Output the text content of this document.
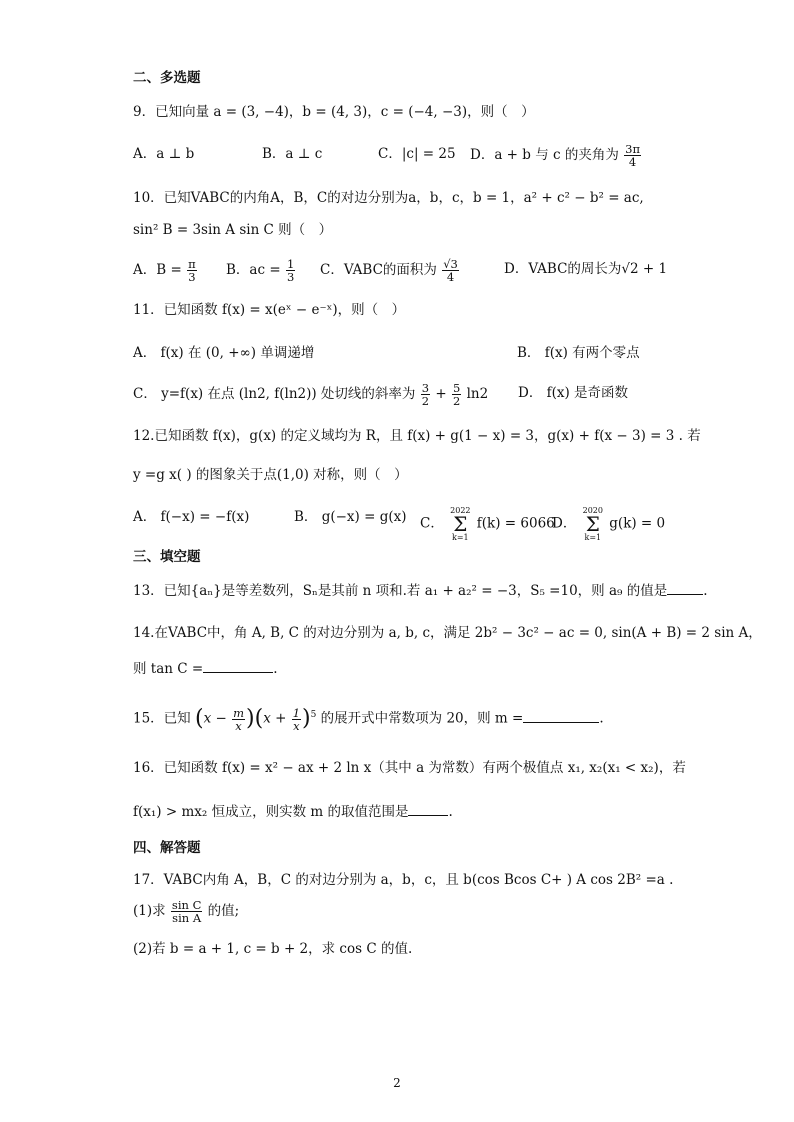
二、多选题
9．已知向量 a = (3, −4)，b = (4, 3)，c = (−4, −3)，则（　）
A．a ⊥ b	B．a ⊥ c	C．|c| = 25 D．a + b 与 c 的夹角为 $\frac{3\pi}{4}$
10．已知VABC的内角A，B，C的对边分别为a，b，c，b = 1，a² + c² − b² = ac,
sin² B = 3sin A sin C 则（　）
A．$B = \frac{\pi}{3}$ B．ac = $\frac{1}{3}$ C．VABC的面积为 $\frac{√3}{4}$	D．VABC的周长为√2 + 1
11．已知函数 f(x) = x(eˣ − e⁻ˣ)，则（　）
A． f(x) 在 (0, +∞) 单调递增	B． f(x) 有两个零点
C． y=f(x) 在点 (ln2, f(ln2)) 处切线的斜率为 $\frac{3}{2} + \frac{5}{2} \ln 2$ D． f(x) 是奇函数
12.已知函数 f(x)，g(x) 的定义域均为 R，且 f(x) + g(1 − x) = 3，g(x) + f(x − 3) = 3 . 若
y =g x( ) 的图象关于点(1,0) 对称，则（　）
A． f(−x) = −f(x)	B． g(−x) = g(x) C． 2022
Σ
k=1 f(k) = 6066
D． 2020
Σ
k=1 g(k) = 0
三、填空题
13．已知{aₙ}是等差数列，Sₙ是其前 n 项和.若 a₁ + a₂² = −3，S₅ =10，则 a₉ 的值是	.
14.在VABC中，角 A, B, C 的对边分别为 a, b, c，满足 2b² − 3c² − ac = 0, sin(A + B) = 2 sin A，
则 tan C =	.
15．已知 $(x - \frac{m}{x} )(x + \frac{1}{x} )^5$ 的展开式中常数项为 20，则 m =	.
16．已知函数 f(x) = x² − ax + 2 ln x（其中 a 为常数）有两个极值点 x₁, x₂(x₁ < x₂)，若
f(x₁) > mx₂ 恒成立，则实数 m 的取值范围是	.
四、解答题
17．VABC内角 A，B，C 的对边分别为 a，b，c，且 b(cos Bcos C+ ) A cos 2B² =a .
(1)求 $\frac{\text{sin C}}{\text{sin A}}$ 的值;
(2)若 b = a + 1, c = b + 2，求 cos C 的值.
2
